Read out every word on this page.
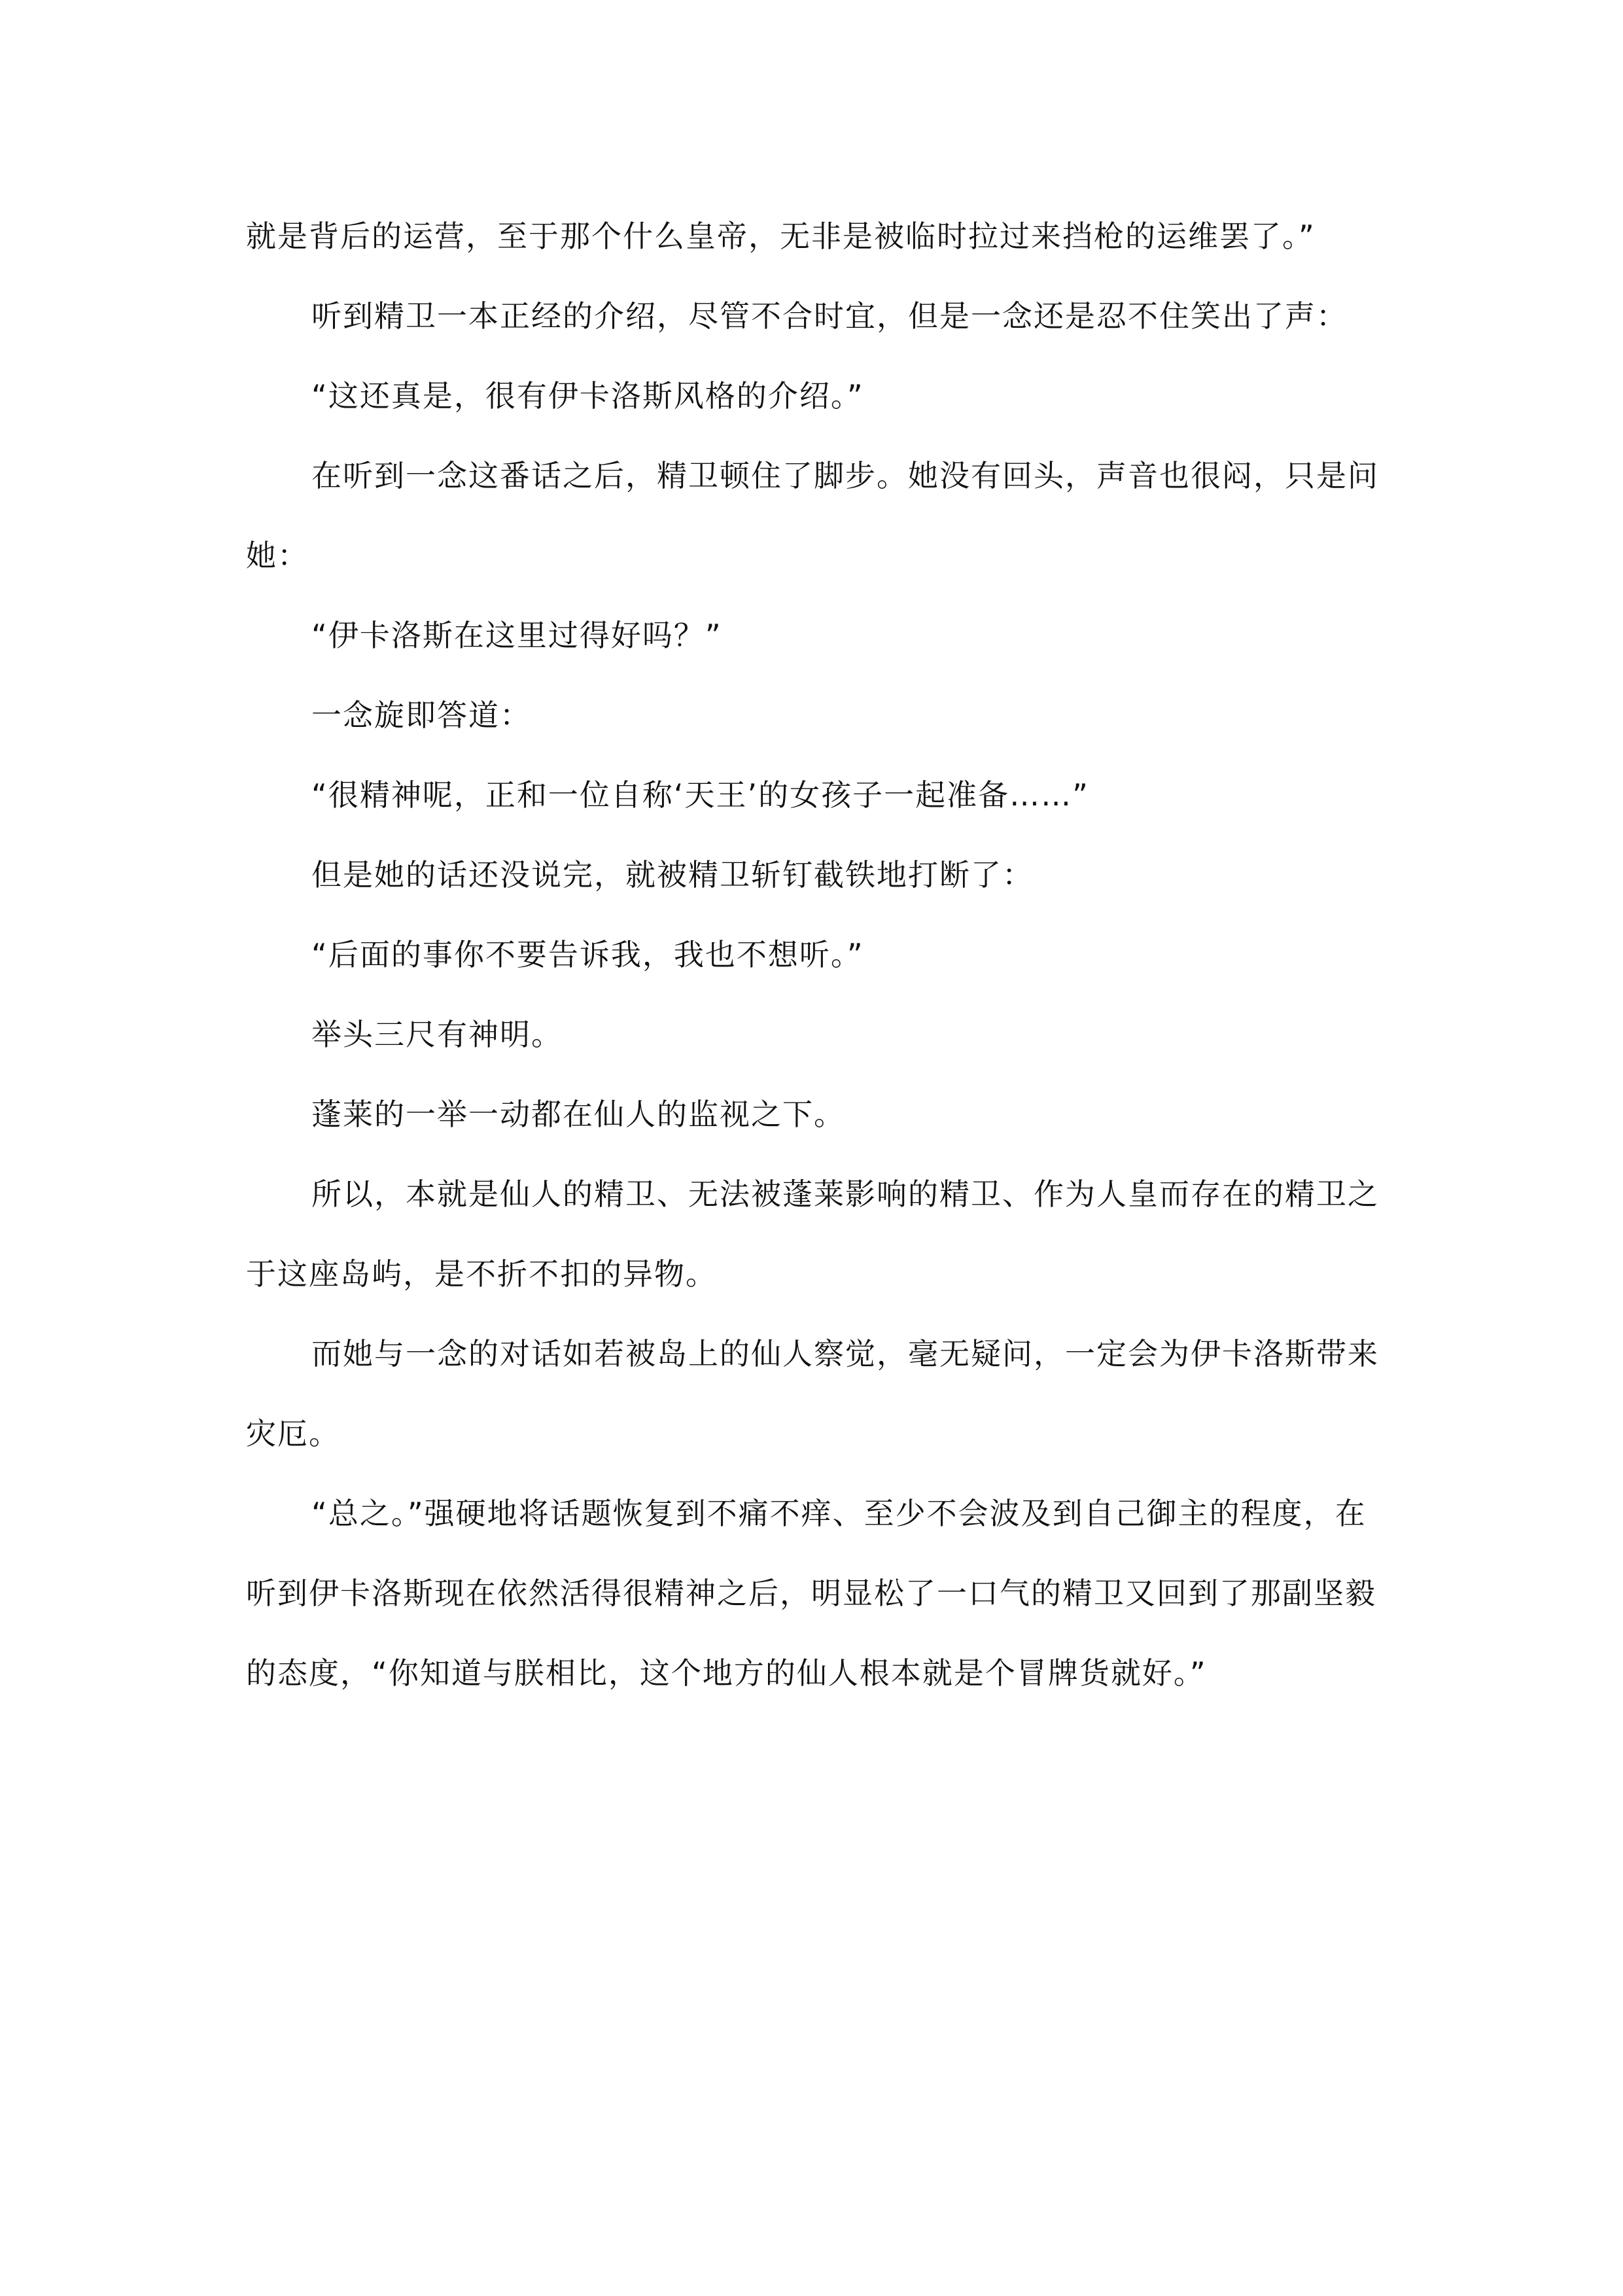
就是背后的运营，至于那个什么皇帝，无非是被临时拉过来挡枪的运维罢了。”

听到精卫一本正经的介绍，尽管不合时宜，但是一念还是忍不住笑出了声：

“这还真是，很有伊卡洛斯风格的介绍。”

在听到一念这番话之后，精卫顿住了脚步。她没有回头，声音也很闷，只是问她：

“伊卡洛斯在这里过得好吗？”

一念旋即答道：

“很精神呢，正和一位自称‘天王’的女孩子一起准备……”

但是她的话还没说完，就被精卫斩钉截铁地打断了：

“后面的事你不要告诉我，我也不想听。”

举头三尺有神明。

蓬莱的一举一动都在仙人的监视之下。

所以，本就是仙人的精卫、无法被蓬莱影响的精卫、作为人皇而存在的精卫之于这座岛屿，是不折不扣的异物。

而她与一念的对话如若被岛上的仙人察觉，毫无疑问，一定会为伊卡洛斯带来灾厄。

“总之。”强硬地将话题恢复到不痛不痒、至少不会波及到自己御主的程度，在听到伊卡洛斯现在依然活得很精神之后，明显松了一口气的精卫又回到了那副坚毅的态度，“你知道与朕相比，这个地方的仙人根本就是个冒牌货就好。”
